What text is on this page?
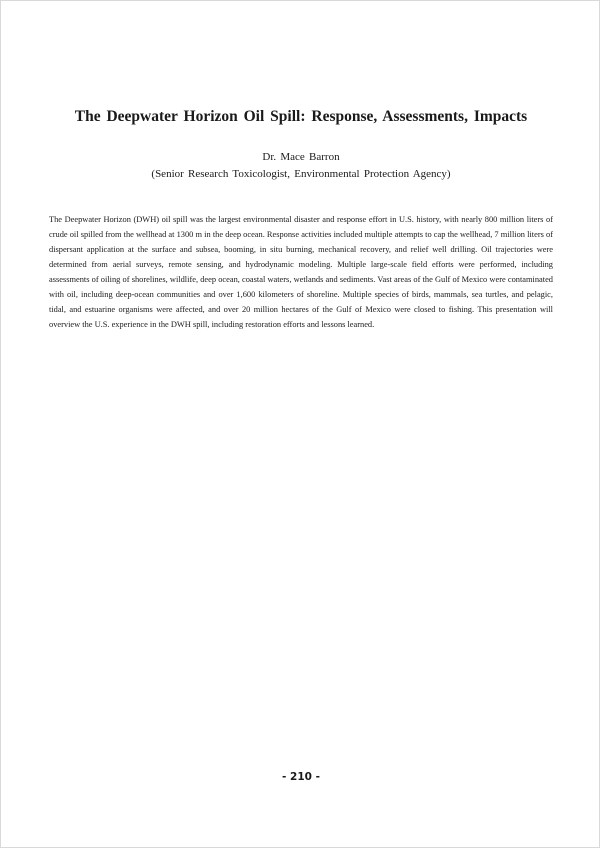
The Deepwater Horizon Oil Spill: Response, Assessments, Impacts
Dr. Mace Barron
(Senior Research Toxicologist, Environmental Protection Agency)

The Deepwater Horizon (DWH) oil spill was the largest environmental disaster and response effort in U.S. history, with nearly 800 million liters of crude oil spilled from the wellhead at 1300 m in the deep ocean. Response activities included multiple attempts to cap the wellhead, 7 million liters of dispersant application at the surface and subsea, booming, in situ burning, mechanical recovery, and relief well drilling. Oil trajectories were determined from aerial surveys, remote sensing, and hydrodynamic modeling. Multiple large-scale field efforts were performed, including assessments of oiling of shorelines, wildlife, deep ocean, coastal waters, wetlands and sediments. Vast areas of the Gulf of Mexico were contaminated with oil, including deep-ocean communities and over 1,600 kilometers of shoreline. Multiple species of birds, mammals, sea turtles, and pelagic, tidal, and estuarine organisms were affected, and over 20 million hectares of the Gulf of Mexico were closed to fishing. This presentation will overview the U.S. experience in the DWH spill, including restoration efforts and lessons learned.

- 210 -
